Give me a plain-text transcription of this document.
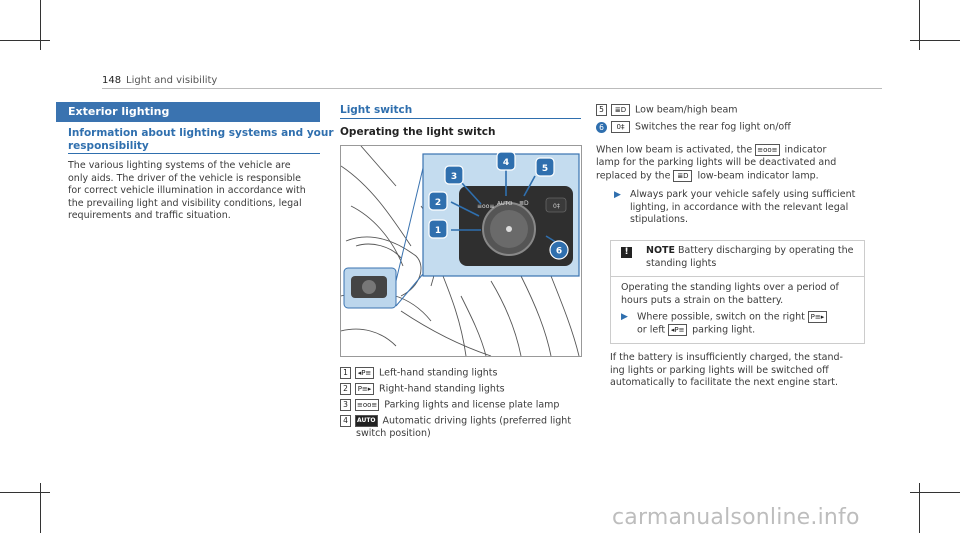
148 Light and visibility
Exterior lighting
Information about lighting systems and your
responsibility
The various lighting systems of the vehicle are
only aids. The driver of the vehicle is responsible
for correct vehicle illumination in accordance with
the prevailing light and visibility conditions, legal
requirements and traffic situation.
Light switch
Operating the light switch
0‡
AUTO
≡oo≡	≣D
1
2
3
4
5
6
1 ◂P≡ Left-hand standing lights
2 P≡▸ Right-hand standing lights
3 ≡oo≡ Parking lights and license plate lamp
4 AUTO Automatic driving lights (preferred light
switch position)
5 ≣D Low beam/high beam
6 0‡ Switches the rear fog light on/off
When low beam is activated, the ≡oo≡ indicator
lamp for the parking lights will be deactivated and
replaced by the ≣D low-beam indicator lamp.
▶ Always park your vehicle safely using sufficient
lighting, in accordance with the relevant legal
stipulations.
!	NOTE Battery discharging by operating the
standing lights
Operating the standing lights over a period of
hours puts a strain on the battery.
▶ Where possible, switch on the right P≡▸
or left ◂P≡ parking light.
If the battery is insufficiently charged, the stand-
ing lights or parking lights will be switched off
automatically to facilitate the next engine start.
carmanualsonline.info
